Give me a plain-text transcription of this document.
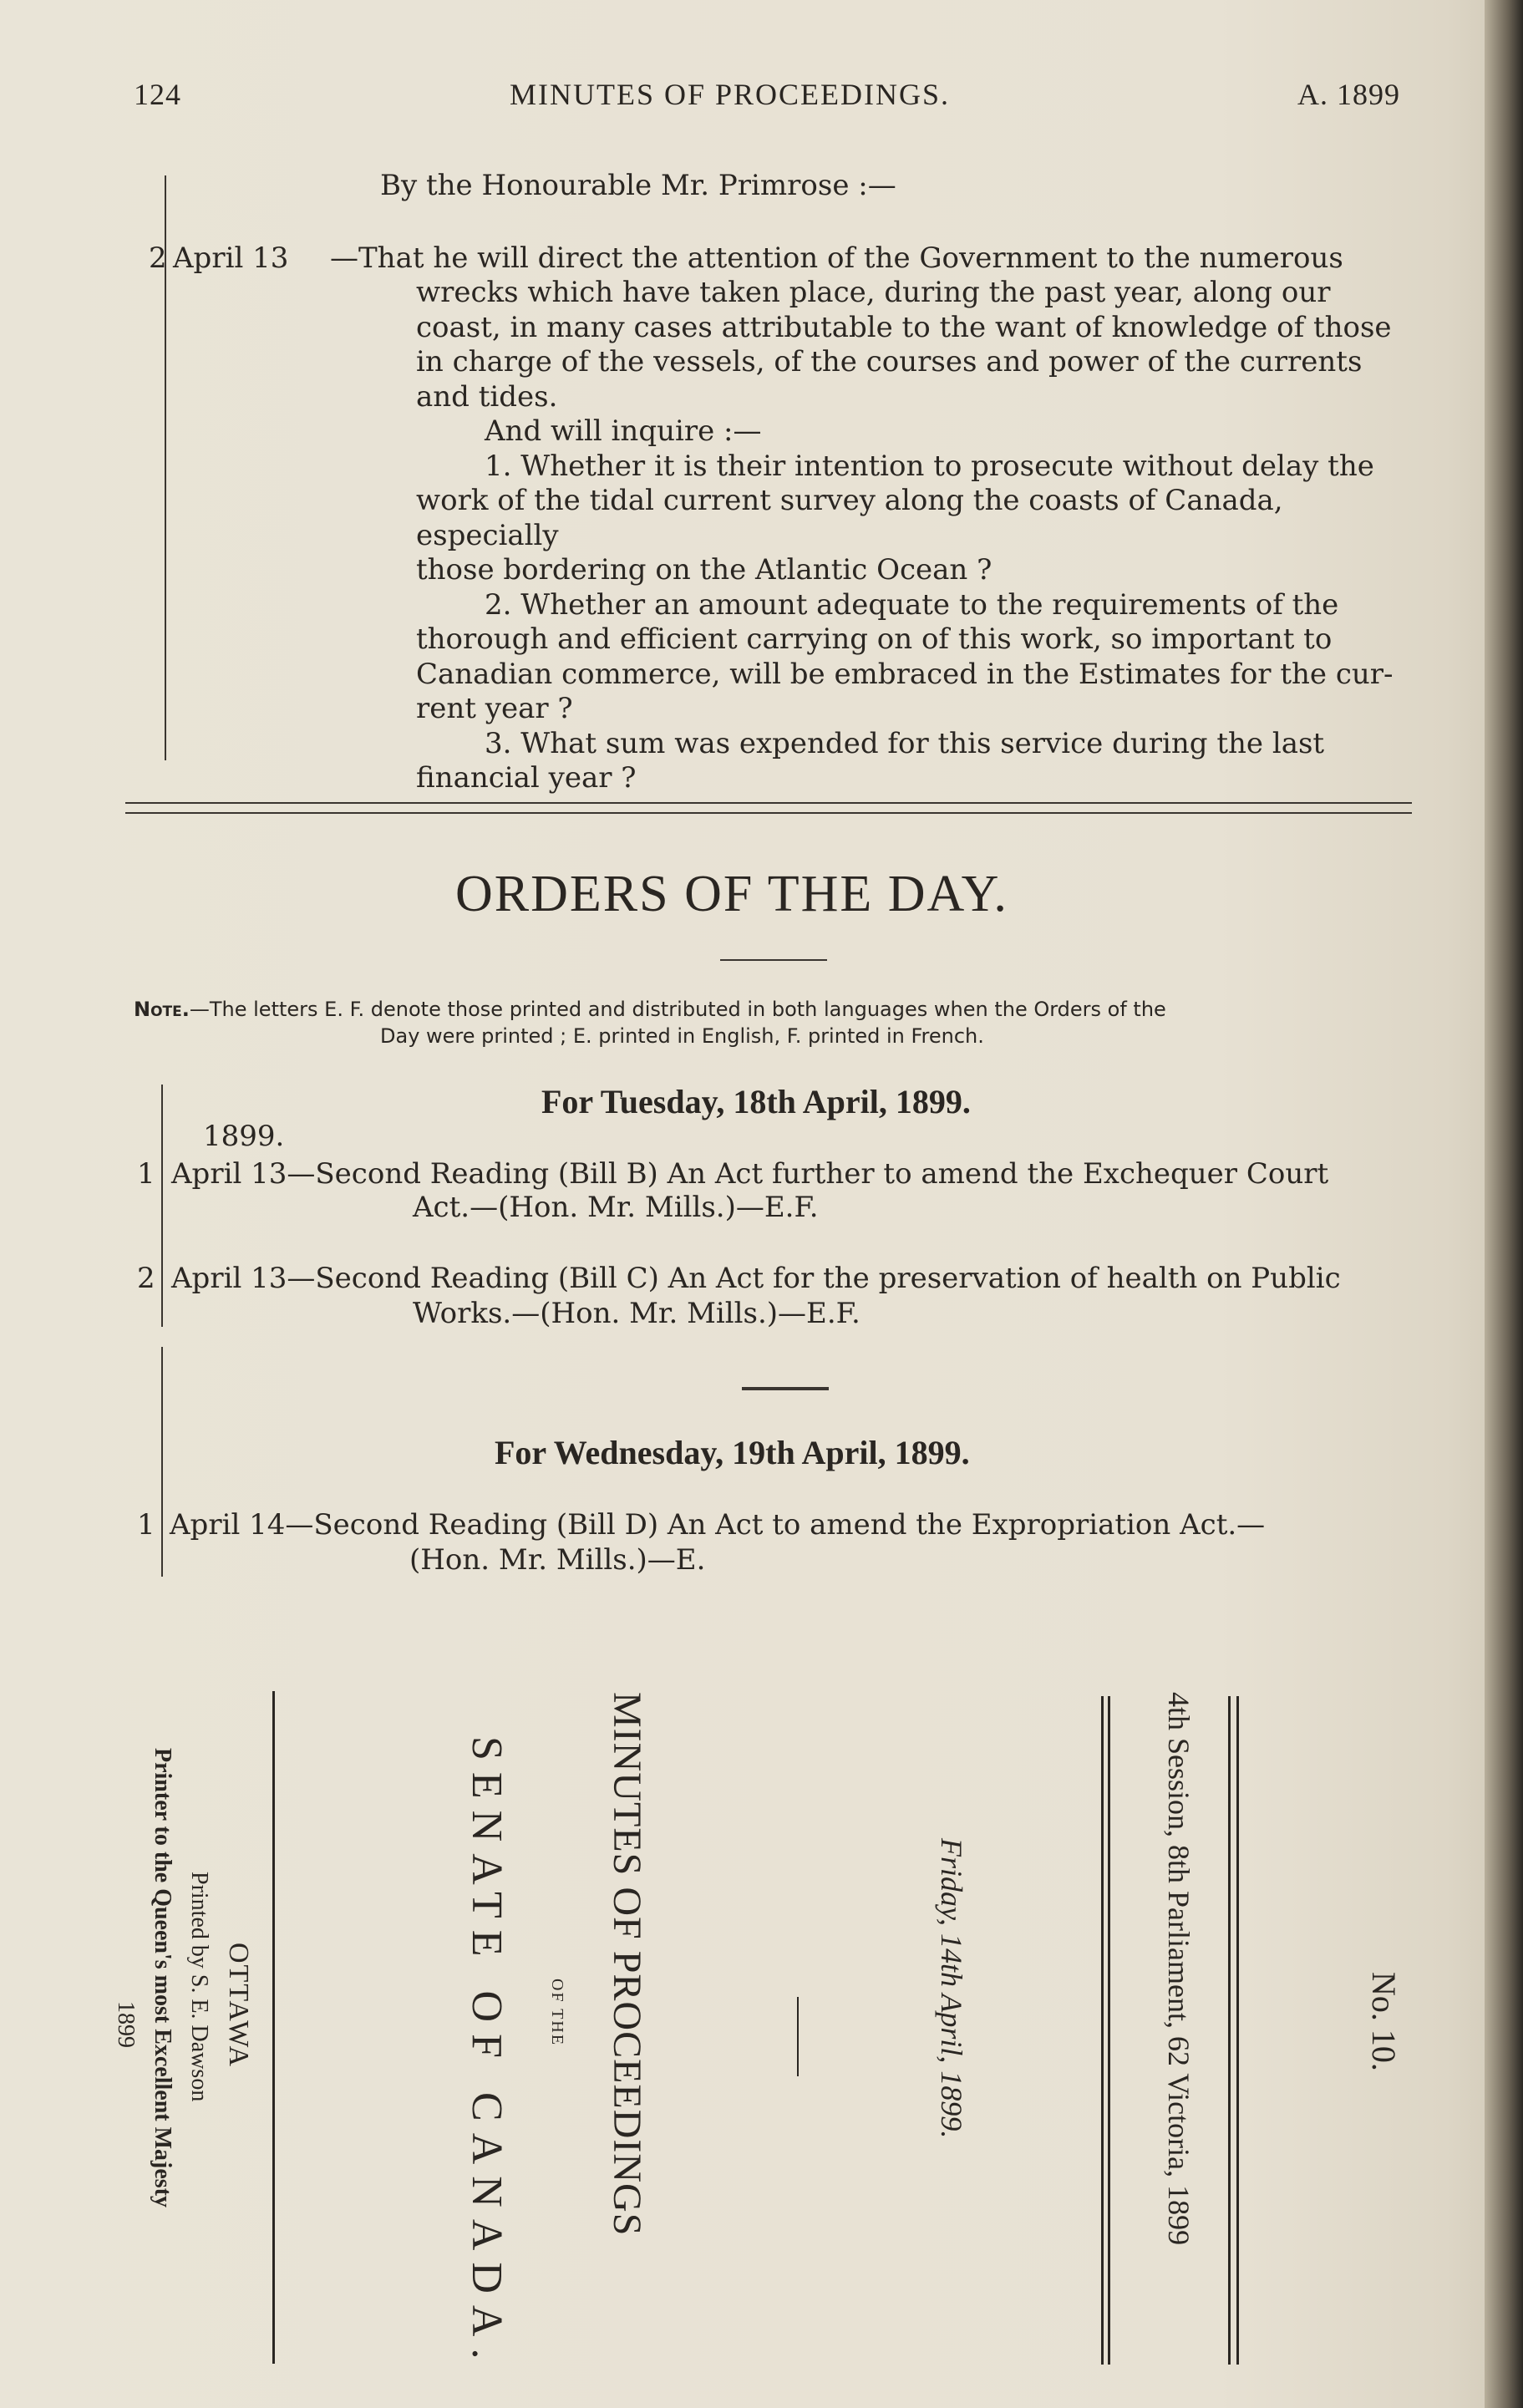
124	MINUTES OF PROCEEDINGS.	A. 1899
By the Honourable Mr. Primrose :—
2 April 13 —That he will direct the attention of the Government to the numerous
wrecks which have taken place, during the past year, along our
coast, in many cases attributable to the want of knowledge of those
in charge of the vessels, of the courses and power of the currents
and tides.
And will inquire :—
1. Whether it is their intention to prosecute without delay the
work of the tidal current survey along the coasts of Canada, especially
those bordering on the Atlantic Ocean ?
2. Whether an amount adequate to the requirements of the
thorough and efficient carrying on of this work, so important to
Canadian commerce, will be embraced in the Estimates for the cur-
rent year ?
3. What sum was expended for this service during the last
financial year ?
ORDERS OF THE DAY.
Note.—The letters E. F. denote those printed and distributed in both languages when the Orders of the
Day were printed ; E. printed in English, F. printed in French.
For Tuesday, 18th April, 1899.
1899.
1 April 13—Second Reading (Bill B) An Act further to amend the Exchequer Court
Act.—(Hon. Mr. Mills.)—E.F.
2 April 13—Second Reading (Bill C) An Act for the preservation of health on Public
Works.—(Hon. Mr. Mills.)—E.F.
For Wednesday, 19th April, 1899.
1 April 14—Second Reading (Bill D) An Act to amend the Expropriation Act.—
(Hon. Mr. Mills.)—E.
No. 10.
4th Session, 8th Parliament, 62 Victoria, 1899
Friday, 14th April, 1899.
MINUTES OF PROCEEDINGS
OF THE
SENATE OF CANADA.
OTTAWA
Printed by S. E. Dawson
Printer to the Queen's most Excellent Majesty
1899
